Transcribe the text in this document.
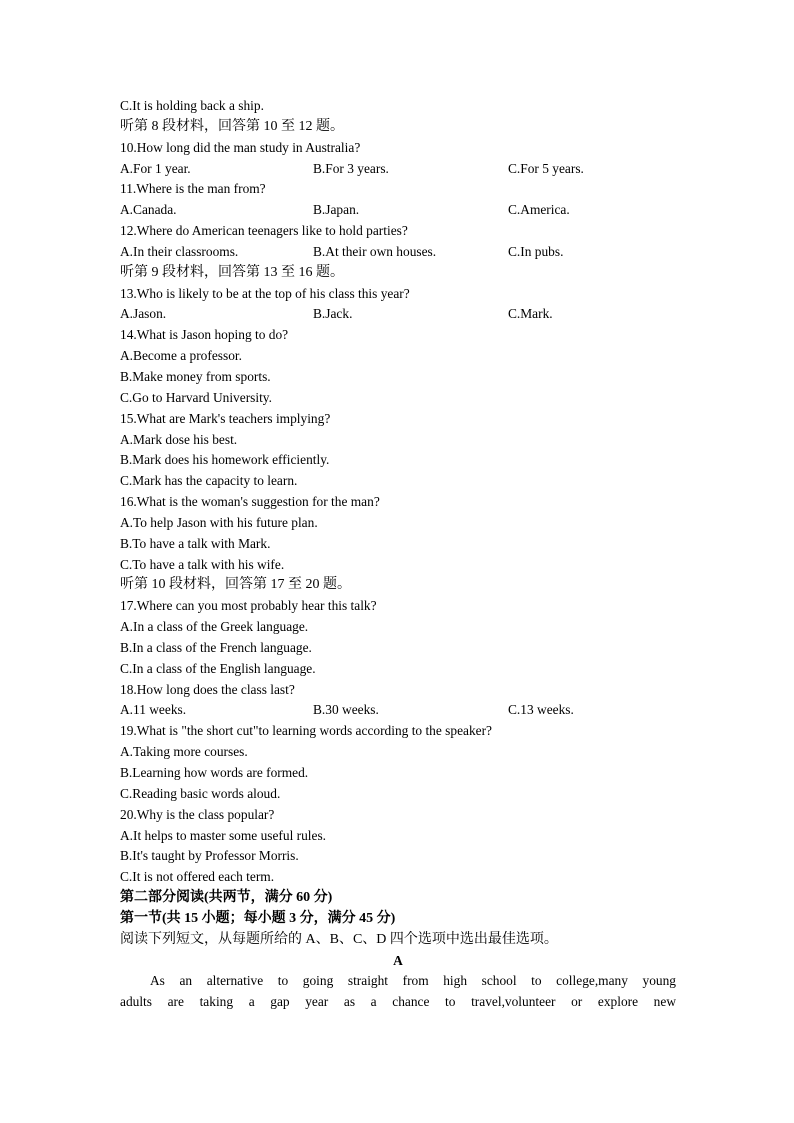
C.It is holding back a ship.
听第 8 段材料，回答第 10 至 12 题。
10.How long did the man study in Australia?
A.For 1 year.	B.For 3 years.	C.For 5 years.
11.Where is the man from?
A.Canada.	B.Japan.	C.America.
12.Where do American teenagers like to hold parties?
A.In their classrooms.	B.At their own houses.	C.In pubs.
听第 9 段材料，回答第 13 至 16 题。
13.Who is likely to be at the top of his class this year?
A.Jason.	B.Jack.	C.Mark.
14.What is Jason hoping to do?
A.Become a professor.
B.Make money from sports.
C.Go to Harvard University.
15.What are Mark's teachers implying?
A.Mark dose his best.
B.Mark does his homework efficiently.
C.Mark has the capacity to learn.
16.What is the woman's suggestion for the man?
A.To help Jason with his future plan.
B.To have a talk with Mark.
C.To have a talk with his wife.
听第 10 段材料，回答第 17 至 20 题。
17.Where can you most probably hear this talk?
A.In a class of the Greek language.
B.In a class of the French language.
C.In a class of the English language.
18.How long does the class last?
A.11 weeks.	B.30 weeks.	C.13 weeks.
19.What is "the short cut"to learning words according to the speaker?
A.Taking more courses.
B.Learning how words are formed.
C.Reading basic words aloud.
20.Why is the class popular?
A.It helps to master some useful rules.
B.It's taught by Professor Morris.
C.It is not offered each term.
第二部分阅读(共两节，满分 60 分)
第一节(共 15 小题；每小题 3 分，满分 45 分)
阅读下列短文，从每题所给的 A、B、C、D 四个选项中选出最佳选项。
A
As an alternative to going straight from high school to college,many young
adults are taking a gap year as a chance to travel,volunteer or explore new
